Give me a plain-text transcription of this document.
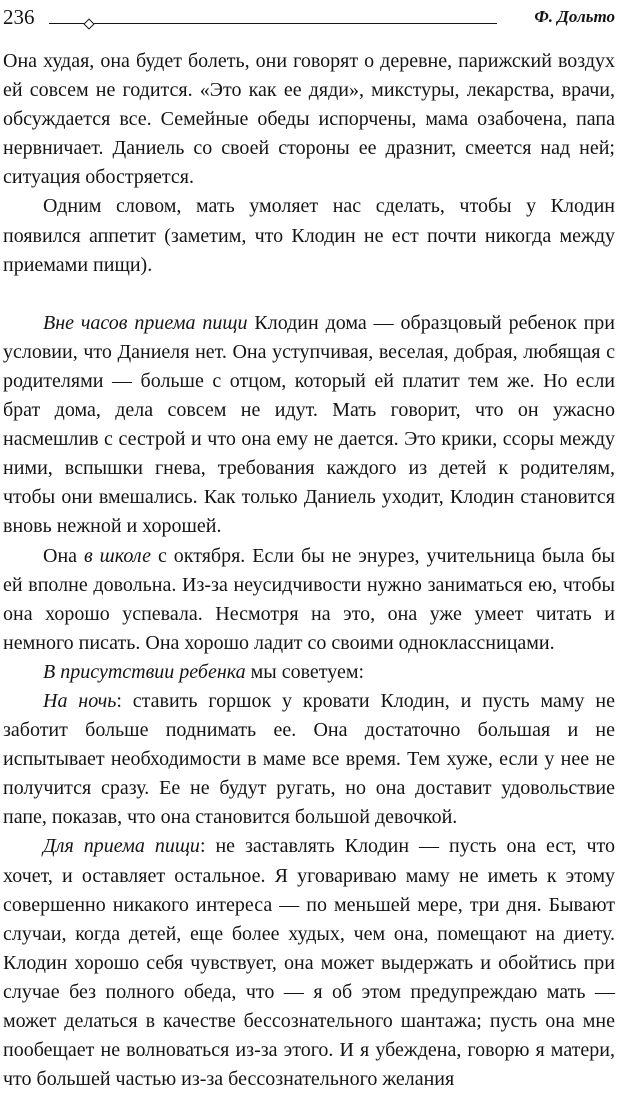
236	Ф. Дольто

Она худая, она будет болеть, они говорят о деревне, парижский воздух ей совсем не годится. «Это как ее дяди», микстуры, лекарства, врачи, обсуждается все. Семейные обеды испорчены, мама озабочена, папа нервничает. Даниель со своей стороны ее дразнит, смеется над ней; ситуация обостряется.

Одним словом, мать умоляет нас сделать, чтобы у Клодин появился аппетит (заметим, что Клодин не ест почти никогда между приемами пищи).

Вне часов приема пищи Клодин дома — образцовый ребенок при условии, что Даниеля нет. Она уступчивая, веселая, добрая, любящая с родителями — больше с отцом, который ей платит тем же. Но если брат дома, дела совсем не идут. Мать говорит, что он ужасно насмешлив с сестрой и что она ему не дается. Это крики, ссоры между ними, вспышки гнева, требования каждого из детей к родителям, чтобы они вмешались. Как только Даниель уходит, Клодин становится вновь нежной и хорошей.

Она в школе с октября. Если бы не энурез, учительница была бы ей вполне довольна. Из-за неусидчивости нужно заниматься ею, чтобы она хорошо успевала. Несмотря на это, она уже умеет читать и немного писать. Она хорошо ладит со своими одноклассницами.

В присутствии ребенка мы советуем:

На ночь: ставить горшок у кровати Клодин, и пусть маму не заботит больше поднимать ее. Она достаточно большая и не испытывает необходимости в маме все время. Тем хуже, если у нее не получится сразу. Ее не будут ругать, но она доставит удовольствие папе, показав, что она становится большой девочкой.

Для приема пищи: не заставлять Клодин — пусть она ест, что хочет, и оставляет остальное. Я уговариваю маму не иметь к этому совершенно никакого интереса — по меньшей мере, три дня. Бывают случаи, когда детей, еще более худых, чем она, помещают на диету. Клодин хорошо себя чувствует, она может выдержать и обойтись при случае без полного обеда, что — я об этом предупреждаю мать — может делаться в качестве бессознательного шантажа; пусть она мне пообещает не волноваться из-за этого. И я убеждена, говорю я матери, что большей частью из-за бессознательного желания
